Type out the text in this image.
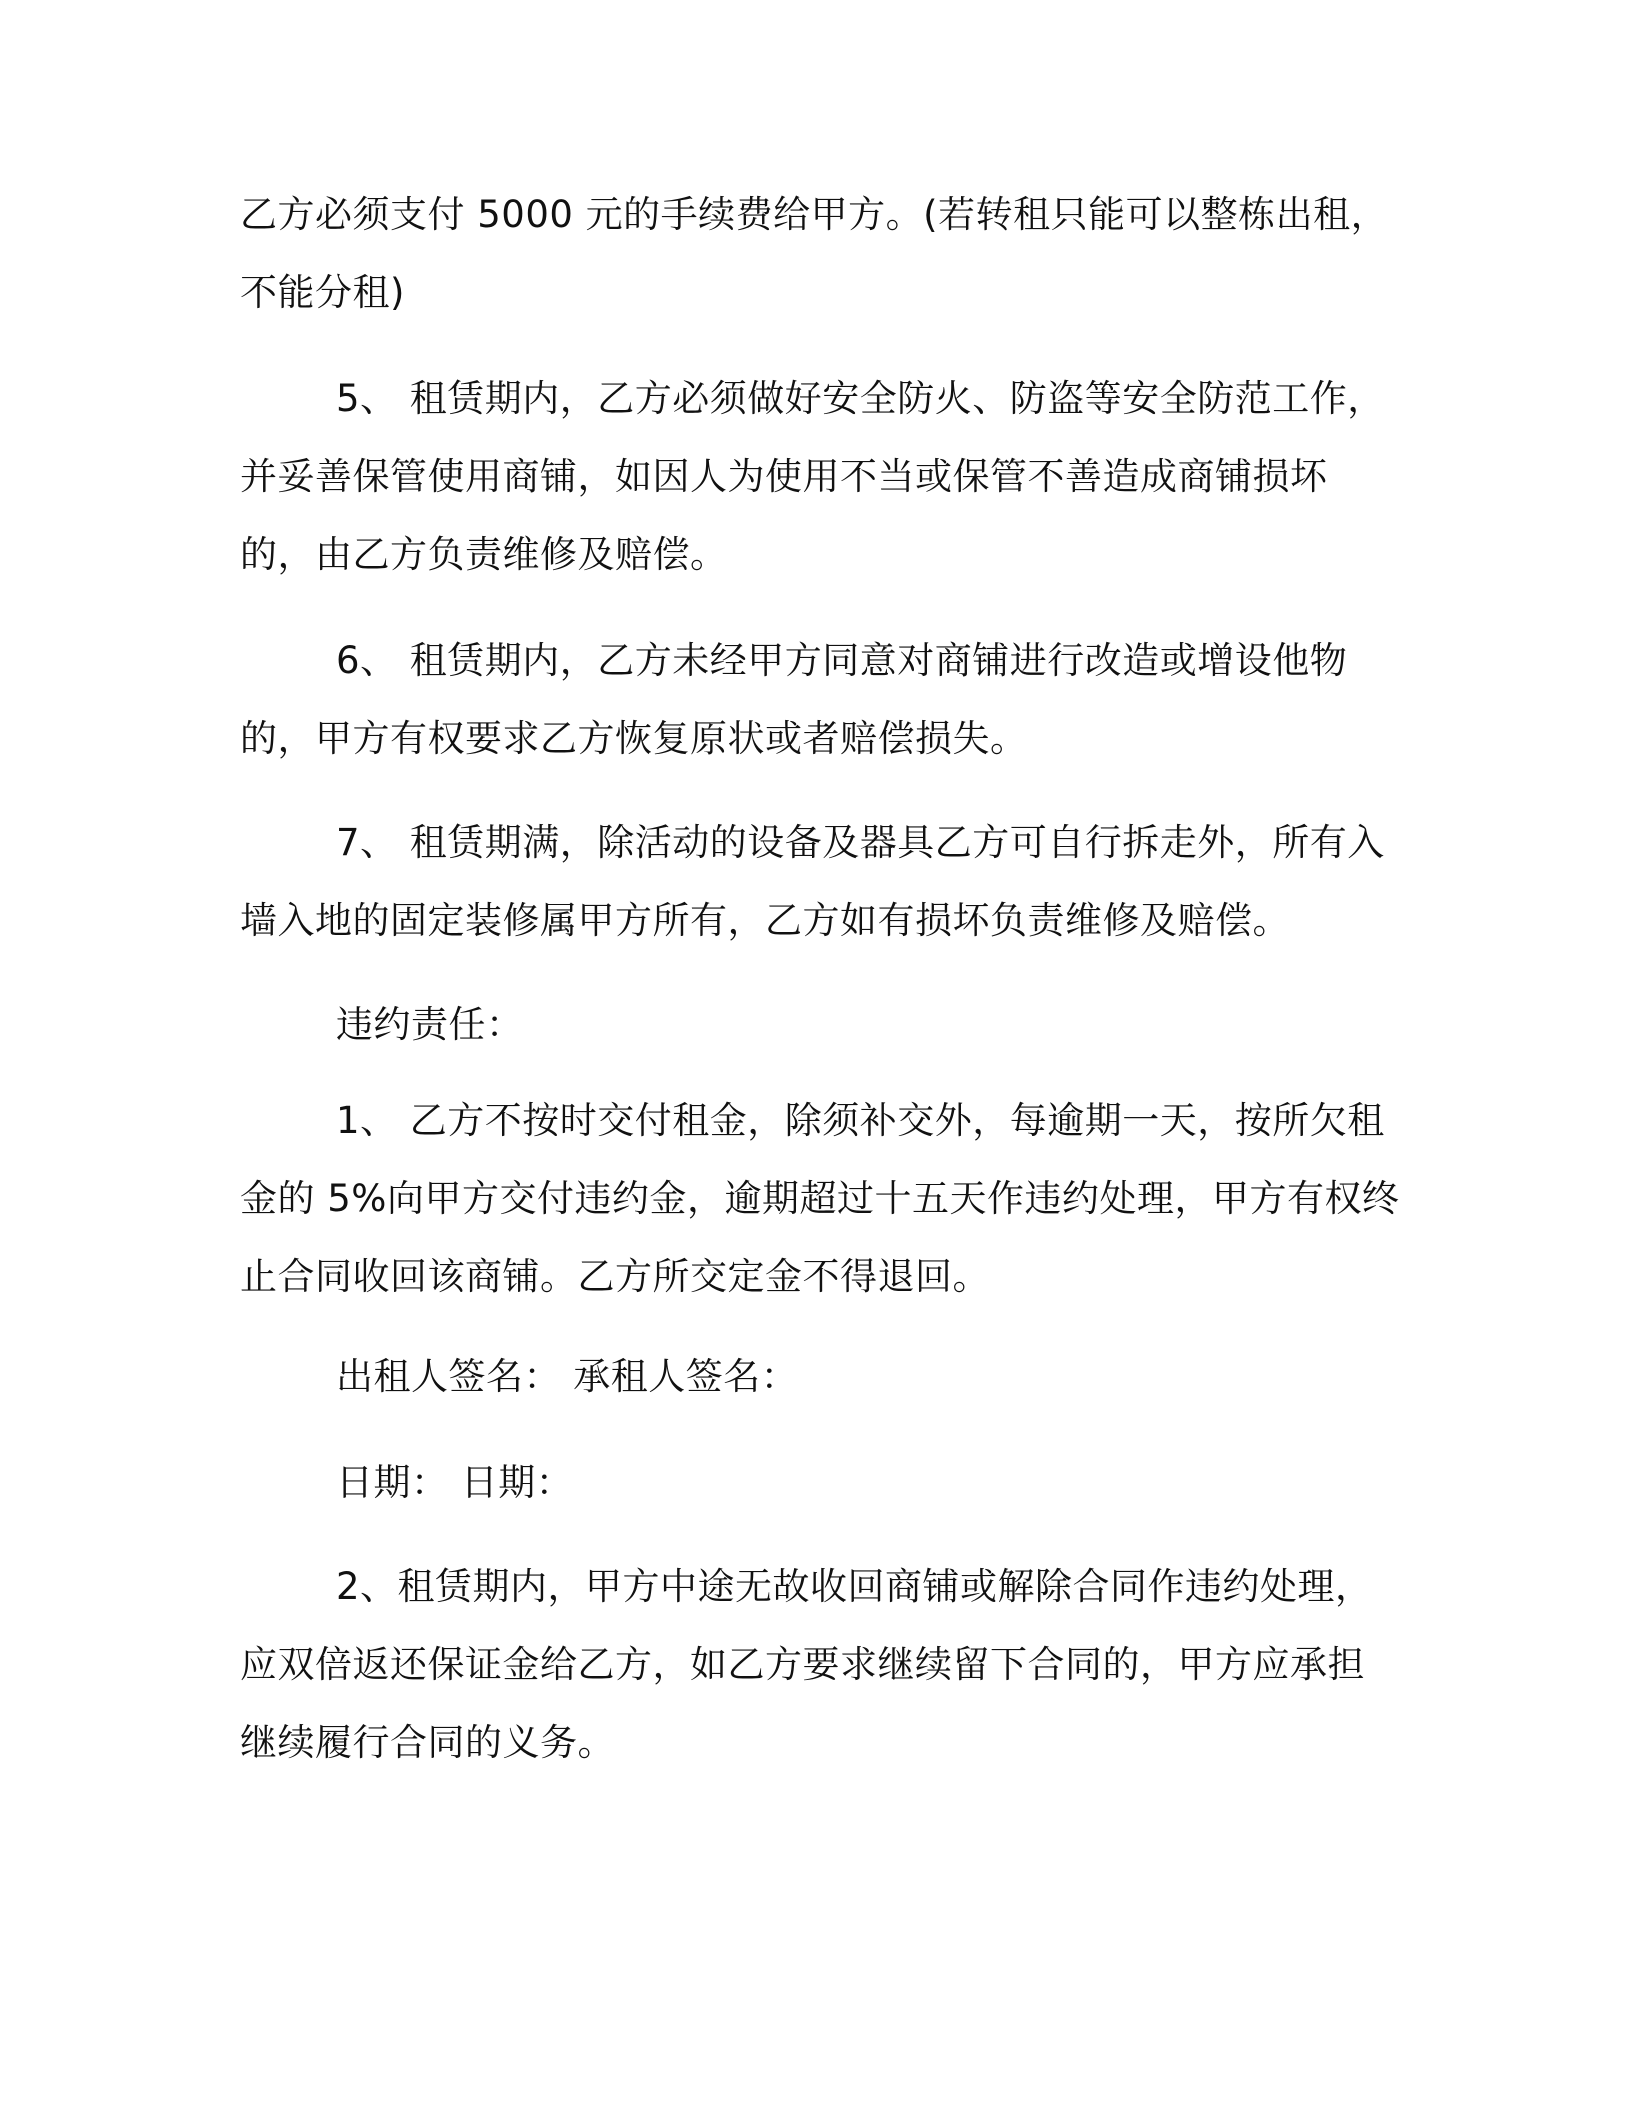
乙方必须支付 5000 元的手续费给甲方。(若转租只能可以整栋出租，不能分租)

5、 租赁期内，乙方必须做好安全防火、防盗等安全防范工作，并妥善保管使用商铺，如因人为使用不当或保管不善造成商铺损坏的，由乙方负责维修及赔偿。

6、 租赁期内，乙方未经甲方同意对商铺进行改造或增设他物的，甲方有权要求乙方恢复原状或者赔偿损失。

7、 租赁期满，除活动的设备及器具乙方可自行拆走外，所有入墙入地的固定装修属甲方所有，乙方如有损坏负责维修及赔偿。

违约责任：

1、 乙方不按时交付租金，除须补交外，每逾期一天，按所欠租金的 5%向甲方交付违约金，逾期超过十五天作违约处理，甲方有权终止合同收回该商铺。乙方所交定金不得退回。

出租人签名： 承租人签名：

日期： 日期：

2、租赁期内，甲方中途无故收回商铺或解除合同作违约处理，应双倍返还保证金给乙方，如乙方要求继续留下合同的，甲方应承担继续履行合同的义务。
